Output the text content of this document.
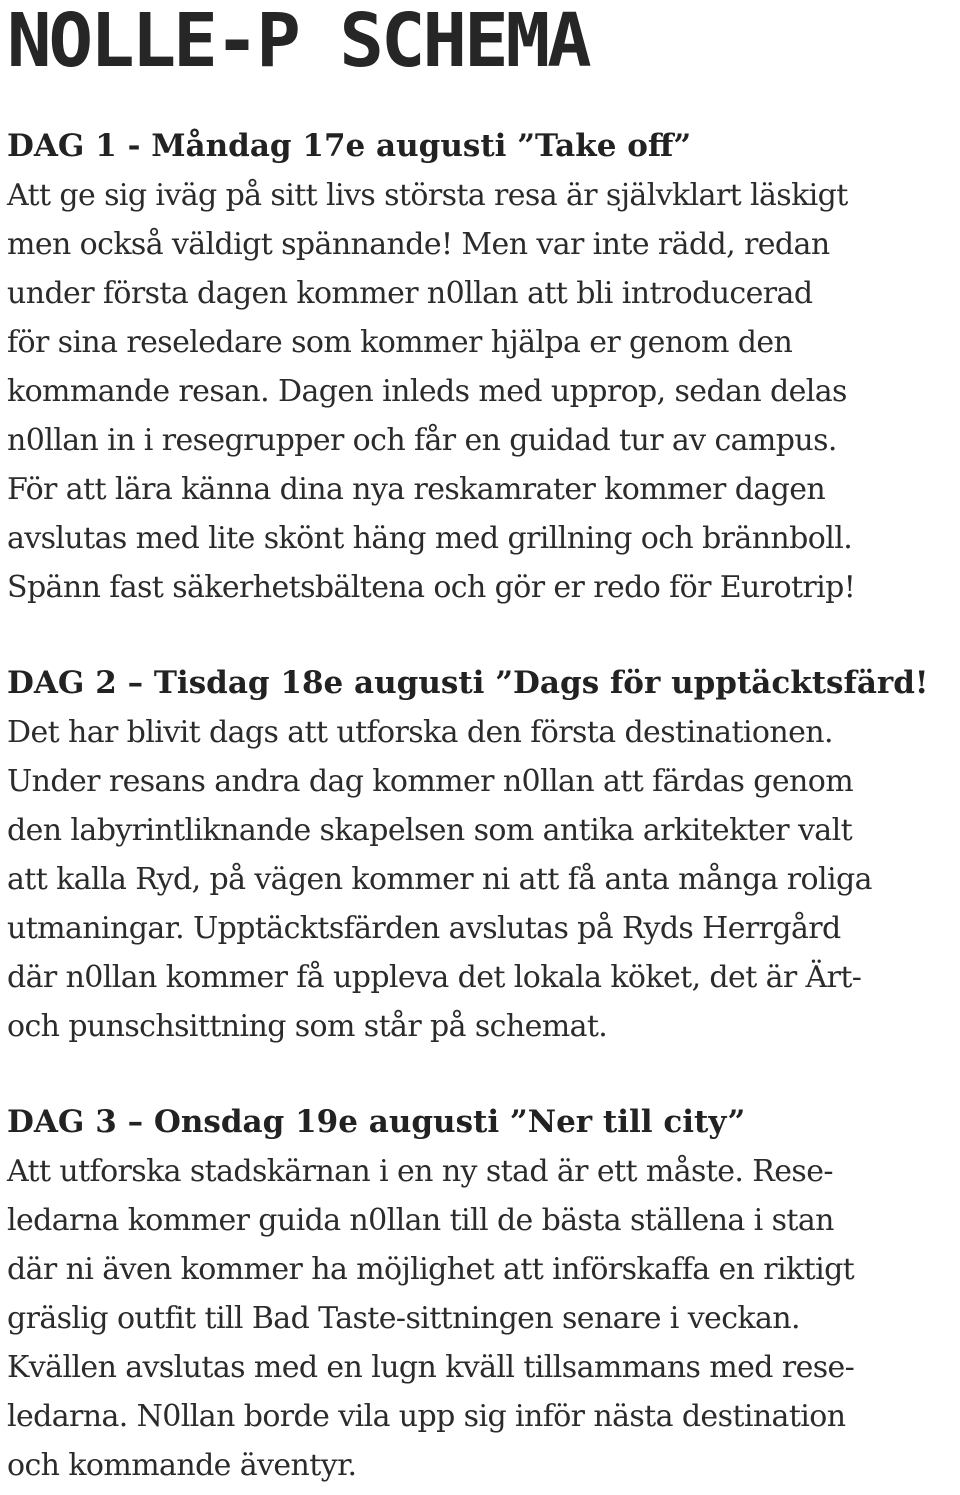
NOLLE-P SCHEMA
DAG 1 - Måndag 17e augusti ”Take off”
Att ge sig iväg på sitt livs största resa är självklart läskigt
men också väldigt spännande! Men var inte rädd, redan
under första dagen kommer n0llan att bli introducerad
för sina reseledare som kommer hjälpa er genom den
kommande resan. Dagen inleds med upprop, sedan delas
n0llan in i resegrupper och får en guidad tur av campus.
För att lära känna dina nya reskamrater kommer dagen
avslutas med lite skönt häng med grillning och brännboll.
Spänn fast säkerhetsbältena och gör er redo för Eurotrip!
DAG 2 – Tisdag 18e augusti ”Dags för upptäcktsfärd!
Det har blivit dags att utforska den första destinationen.
Under resans andra dag kommer n0llan att färdas genom
den labyrintliknande skapelsen som antika arkitekter valt
att kalla Ryd, på vägen kommer ni att få anta många roliga
utmaningar. Upptäcktsfärden avslutas på Ryds Herrgård
där n0llan kommer få uppleva det lokala köket, det är Ärt-
och punschsittning som står på schemat.
DAG 3 – Onsdag 19e augusti ”Ner till city”
Att utforska stadskärnan i en ny stad är ett måste. Rese-
ledarna kommer guida n0llan till de bästa ställena i stan
där ni även kommer ha möjlighet att införskaffa en riktigt
gräslig outfit till Bad Taste-sittningen senare i veckan.
Kvällen avslutas med en lugn kväll tillsammans med rese-
ledarna. N0llan borde vila upp sig inför nästa destination
och kommande äventyr.
